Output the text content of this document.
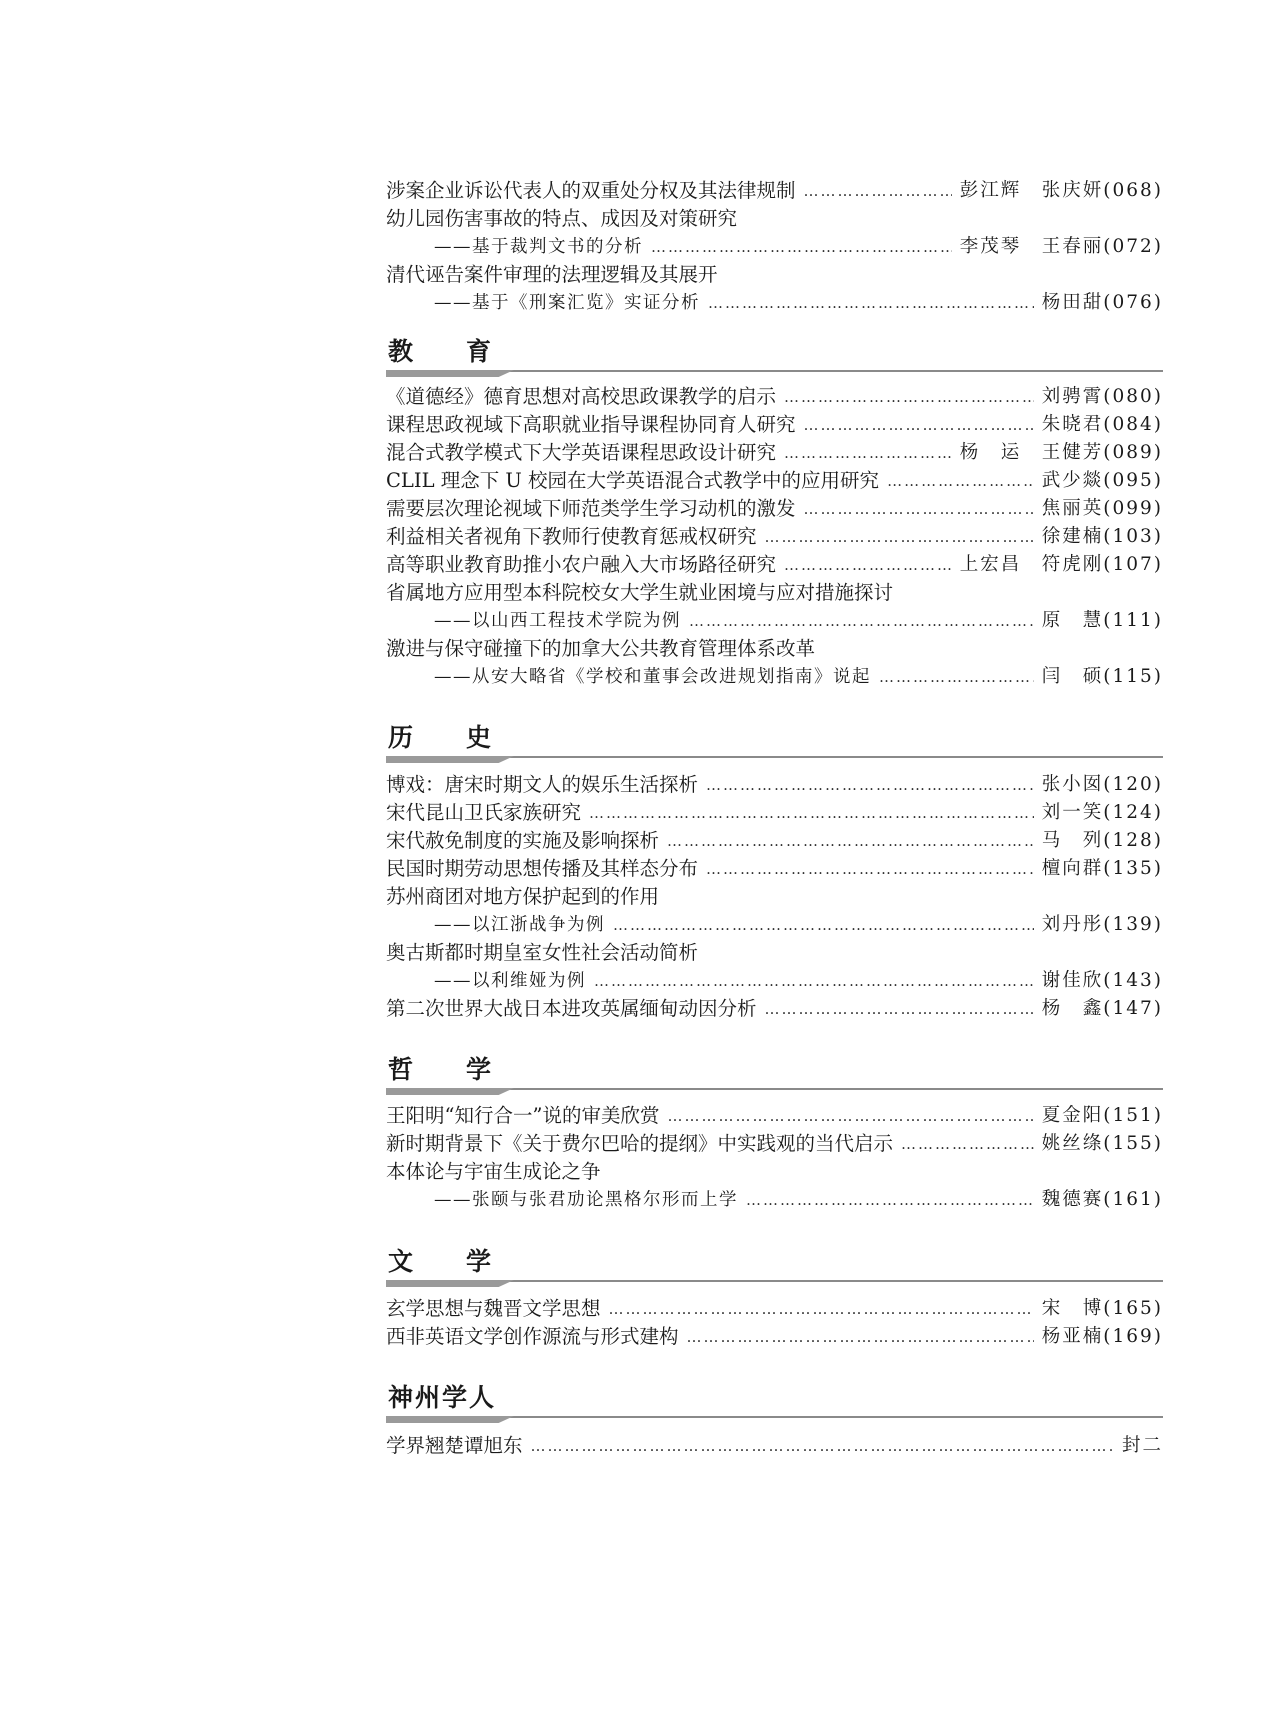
涉案企业诉讼代表人的双重处分权及其法律规制 ……………………………………………………………………………………………………………………………	彭江辉　张庆妍(068)
幼儿园伤害事故的特点、成因及对策研究
——基于裁判文书的分析 ……………………………………………………………………………………………………………………………	李茂琴　王春丽(072)
清代诬告案件审理的法理逻辑及其展开
——基于《刑案汇览》实证分析 ……………………………………………………………………………………………………………………………	杨田甜(076)
教　育
《道德经》德育思想对高校思政课教学的启示 ……………………………………………………………………………………………………………………………	刘骋霄(080)
课程思政视域下高职就业指导课程协同育人研究 ……………………………………………………………………………………………………………………………	朱晓君(084)
混合式教学模式下大学英语课程思政设计研究 ……………………………………………………………………………………………………………………………	杨　运　王健芳(089)
CLIL 理念下 U 校园在大学英语混合式教学中的应用研究 ……………………………………………………………………………………………………………………………	武少燚(095)
需要层次理论视域下师范类学生学习动机的激发 ……………………………………………………………………………………………………………………………	焦丽英(099)
利益相关者视角下教师行使教育惩戒权研究 ……………………………………………………………………………………………………………………………	徐建楠(103)
高等职业教育助推小农户融入大市场路径研究 ……………………………………………………………………………………………………………………………	上宏昌　符虎刚(107)
省属地方应用型本科院校女大学生就业困境与应对措施探讨
——以山西工程技术学院为例 ……………………………………………………………………………………………………………………………	原　慧(111)
激进与保守碰撞下的加拿大公共教育管理体系改革
——从安大略省《学校和董事会改进规划指南》说起 ……………………………………………………………………………………………………………………………	闫　硕(115)
历　史
博戏：唐宋时期文人的娱乐生活探析 ……………………………………………………………………………………………………………………………	张小囡(120)
宋代昆山卫氏家族研究 ……………………………………………………………………………………………………………………………	刘一笑(124)
宋代赦免制度的实施及影响探析 ……………………………………………………………………………………………………………………………	马　列(128)
民国时期劳动思想传播及其样态分布 ……………………………………………………………………………………………………………………………	檀向群(135)
苏州商团对地方保护起到的作用
——以江浙战争为例 ……………………………………………………………………………………………………………………………	刘丹彤(139)
奥古斯都时期皇室女性社会活动简析
——以利维娅为例 ……………………………………………………………………………………………………………………………	谢佳欣(143)
第二次世界大战日本进攻英属缅甸动因分析 ……………………………………………………………………………………………………………………………	杨　鑫(147)
哲　学
王阳明“知行合一”说的审美欣赏 ……………………………………………………………………………………………………………………………	夏金阳(151)
新时期背景下《关于费尔巴哈的提纲》中实践观的当代启示 ……………………………………………………………………………………………………………………………	姚丝绦(155)
本体论与宇宙生成论之争
——张颐与张君劢论黑格尔形而上学 ……………………………………………………………………………………………………………………………	魏德赛(161)
文　学
玄学思想与魏晋文学思想 ……………………………………………………………………………………………………………………………	宋　博(165)
西非英语文学创作源流与形式建构 ……………………………………………………………………………………………………………………………	杨亚楠(169)
神州学人
学界翘楚谭旭东 ……………………………………………………………………………………………………………………………	封二
